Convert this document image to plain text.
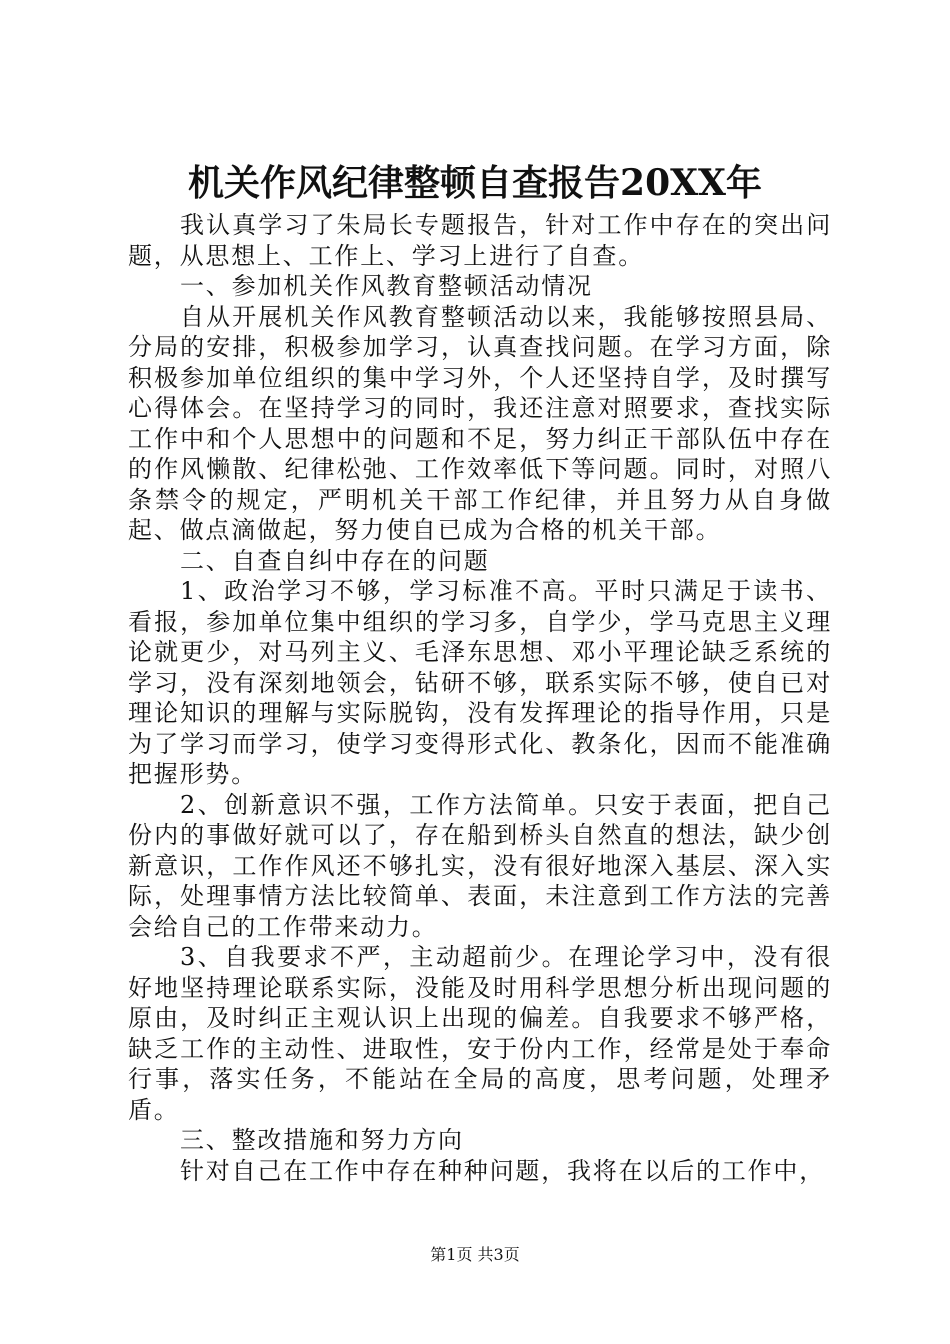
机关作风纪律整顿自查报告20XX年

我认真学习了朱局长专题报告，针对工作中存在的突出问题，从思想上、工作上、学习上进行了自查。

一、参加机关作风教育整顿活动情况

自从开展机关作风教育整顿活动以来，我能够按照县局、分局的安排，积极参加学习，认真查找问题。在学习方面，除积极参加单位组织的集中学习外，个人还坚持自学，及时撰写心得体会。在坚持学习的同时，我还注意对照要求，查找实际工作中和个人思想中的问题和不足，努力纠正干部队伍中存在的作风懒散、纪律松弛、工作效率低下等问题。同时，对照八条禁令的规定，严明机关干部工作纪律，并且努力从自身做起、做点滴做起，努力使自已成为合格的机关干部。

二、自查自纠中存在的问题

1、政治学习不够，学习标准不高。平时只满足于读书、看报，参加单位集中组织的学习多，自学少，学马克思主义理论就更少，对马列主义、毛泽东思想、邓小平理论缺乏系统的学习，没有深刻地领会，钻研不够，联系实际不够，使自已对理论知识的理解与实际脱钩，没有发挥理论的指导作用，只是为了学习而学习，使学习变得形式化、教条化，因而不能准确把握形势。

2、创新意识不强，工作方法简单。只安于表面，把自己份内的事做好就可以了，存在船到桥头自然直的想法，缺少创新意识，工作作风还不够扎实，没有很好地深入基层、深入实际，处理事情方法比较简单、表面，未注意到工作方法的完善会给自己的工作带来动力。

3、自我要求不严，主动超前少。在理论学习中，没有很好地坚持理论联系实际，没能及时用科学思想分析出现问题的原由，及时纠正主观认识上出现的偏差。自我要求不够严格，缺乏工作的主动性、进取性，安于份内工作，经常是处于奉命行事，落实任务，不能站在全局的高度，思考问题，处理矛盾。

三、整改措施和努力方向

针对自己在工作中存在种种问题，我将在以后的工作中，

第1页 共3页
